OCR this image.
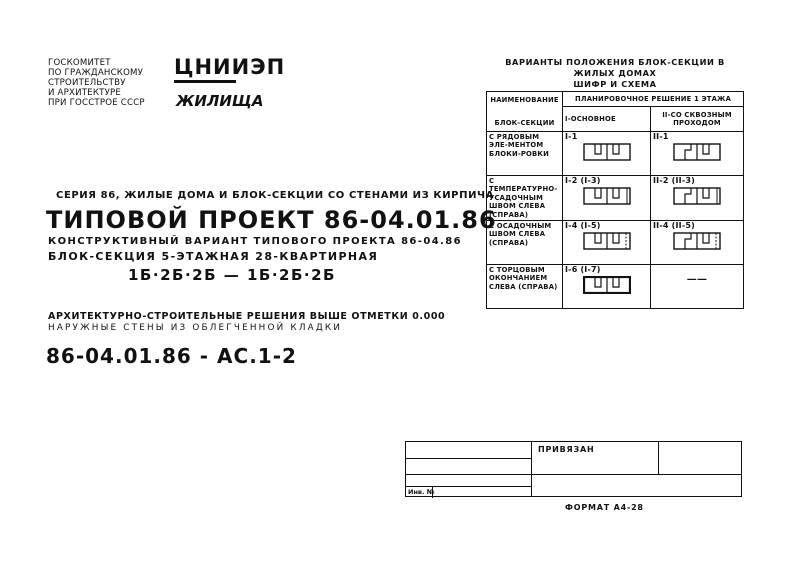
ГОСКОМИТЕТ
ПО ГРАЖДАНСКОМУ
СТРОИТЕЛЬСТВУ
И АРХИТЕКТУРЕ
ПРИ ГОССТРОЕ СССР
ЦНИИЭП
ЖИЛИЩА
СЕРИЯ 86, ЖИЛЫЕ ДОМА И БЛОК-СЕКЦИИ СО СТЕНАМИ ИЗ КИРПИЧА
ТИПОВОЙ ПРОЕКТ 86-04.01.86
КОНСТРУКТИВНЫЙ ВАРИАНТ ТИПОВОГО ПРОЕКТА 86-04.86
БЛОК-СЕКЦИЯ 5-ЭТАЖНАЯ 28-КВАРТИРНАЯ
1Б·2Б·2Б — 1Б·2Б·2Б
АРХИТЕКТУРНО-СТРОИТЕЛЬНЫЕ РЕШЕНИЯ ВЫШЕ ОТМЕТКИ 0.000
НАРУЖНЫЕ СТЕНЫ ИЗ ОБЛЕГЧЕННОЙ КЛАДКИ
86-04.01.86 - АС.1-2
ВАРИАНТЫ ПОЛОЖЕНИЯ БЛОК-СЕКЦИИ В ЖИЛЫХ ДОМАХ
ШИФР И СХЕМА
НАИМЕНОВАНИЕ
БЛОК-СЕКЦИИ	ПЛАНИРОВОЧНОЕ РЕШЕНИЕ 1 ЭТАЖА	
	I-ОСНОВНОЕ	II-СО СКВОЗНЫМ ПРОХОДОМ
С РЯДОВЫМ ЭЛЕ-МЕНТОМ БЛОКИ-РОВКИ	I-1	II-1

С ТЕМПЕРАТУРНО-УСАДОЧНЫМ ШВОМ СЛЕВА (СПРАВА)	I-2 (I-3)	II-2 (II-3)

С ОСАДОЧНЫМ ШВОМ СЛЕВА (СПРАВА)	I-4 (I-5)	II-4 (II-5)

С ТОРЦОВЫМ ОКОНЧАНИЕМ СЛЕВА (СПРАВА)	I-6 (I-7)	——
ПРИВЯЗАН
Инв. №
ФОРМАТ А4-28
